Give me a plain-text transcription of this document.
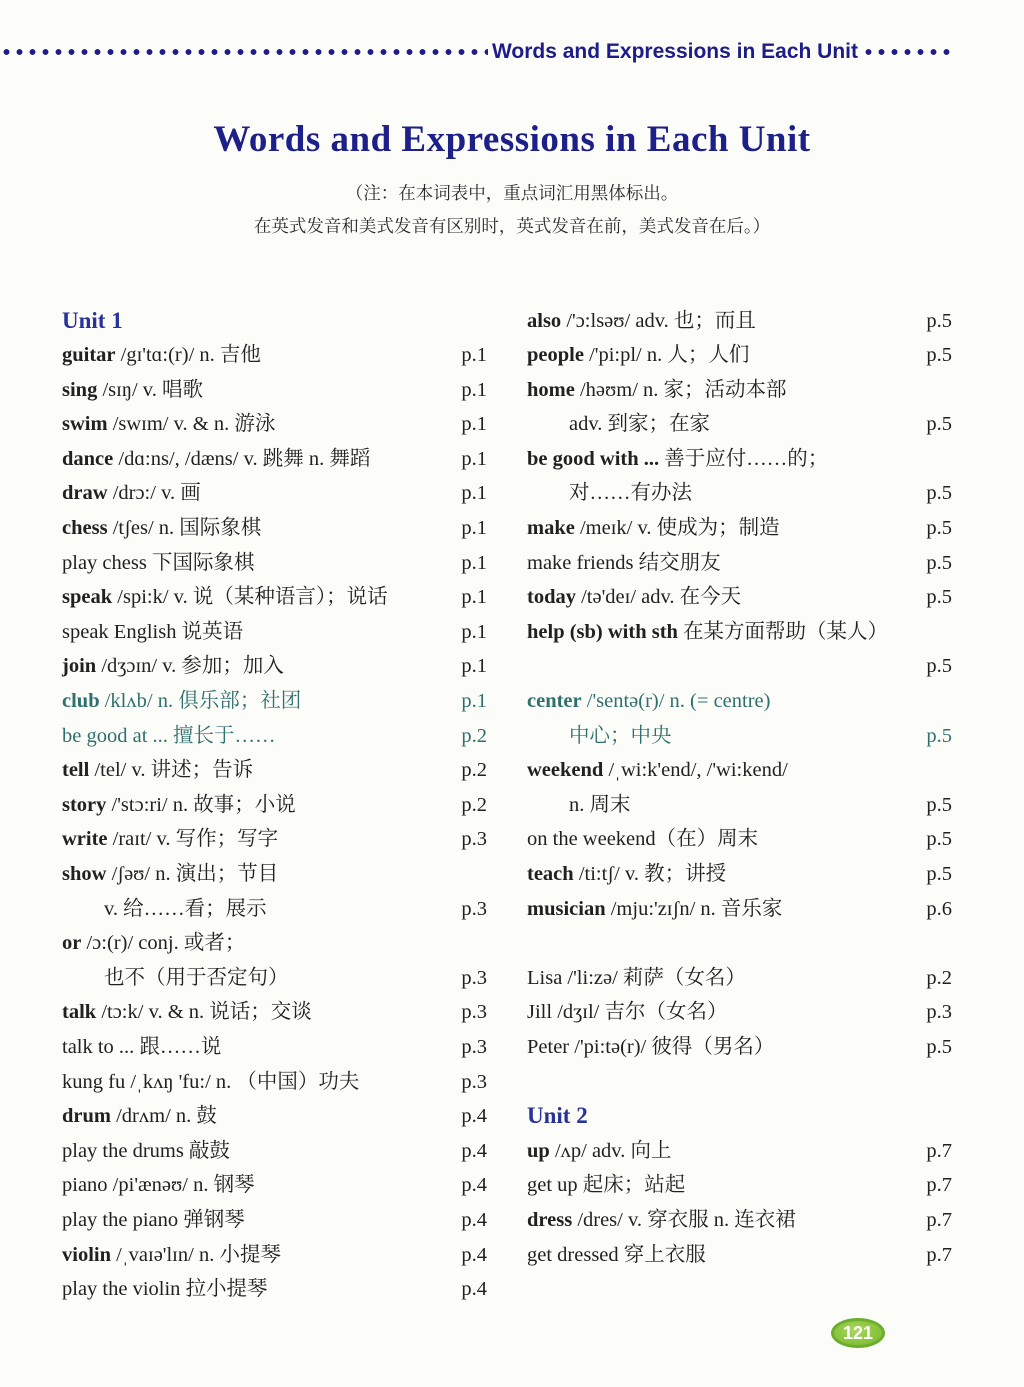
Words and Expressions in Each Unit
Words and Expressions in Each Unit
（注：在本词表中，重点词汇用黑体标出。
在英式发音和美式发音有区别时，英式发音在前，美式发音在后。）
Unit 1
guitar /gɪ'tɑ:(r)/ n. 吉他	p.1
sing /sɪŋ/ v. 唱歌	p.1
swim /swɪm/ v. & n. 游泳	p.1
dance /dɑ:ns/, /dæns/ v. 跳舞 n. 舞蹈	p.1
draw /drɔ:/ v. 画	p.1
chess /tʃes/ n. 国际象棋	p.1
play chess 下国际象棋	p.1
speak /spi:k/ v. 说（某种语言）；说话	p.1
speak English 说英语	p.1
join /dʒɔɪn/ v. 参加；加入	p.1
club /klʌb/ n. 俱乐部；社团	p.1
be good at ... 擅长于……	p.2
tell /tel/ v. 讲述；告诉	p.2
story /'stɔ:ri/ n. 故事；小说	p.2
write /raɪt/ v. 写作；写字	p.3
show /ʃəʊ/ n. 演出；节目
v. 给……看；展示	p.3
or /ɔ:(r)/ conj. 或者；
也不（用于否定句）	p.3
talk /tɔ:k/ v. & n. 说话；交谈	p.3
talk to ... 跟……说	p.3
kung fu /ˌkʌŋ 'fu:/ n. （中国）功夫	p.3
drum /drʌm/ n. 鼓	p.4
play the drums 敲鼓	p.4
piano /pi'ænəʊ/ n. 钢琴	p.4
play the piano 弹钢琴	p.4
violin /ˌvaɪə'lɪn/ n. 小提琴	p.4
play the violin 拉小提琴	p.4
also /'ɔ:lsəʊ/ adv. 也；而且	p.5
people /'pi:pl/ n. 人；人们	p.5
home /həʊm/ n. 家；活动本部
adv. 到家；在家	p.5
be good with ... 善于应付……的；
对……有办法	p.5
make /meɪk/ v. 使成为；制造	p.5
make friends 结交朋友	p.5
today /tə'deɪ/ adv. 在今天	p.5
help (sb) with sth 在某方面帮助（某人）
p.5
center /'sentə(r)/ n. (= centre)
中心；中央	p.5
weekend /ˌwi:k'end/, /'wi:kend/
n. 周末	p.5
on the weekend（在）周末	p.5
teach /ti:tʃ/ v. 教；讲授	p.5
musician /mju:'zɪʃn/ n. 音乐家	p.6
Lisa /'li:zə/ 莉萨（女名）	p.2
Jill /dʒɪl/ 吉尔（女名）	p.3
Peter /'pi:tə(r)/ 彼得（男名）	p.5
Unit 2
up /ʌp/ adv. 向上	p.7
get up 起床；站起	p.7
dress /dres/ v. 穿衣服 n. 连衣裙	p.7
get dressed 穿上衣服	p.7
121
